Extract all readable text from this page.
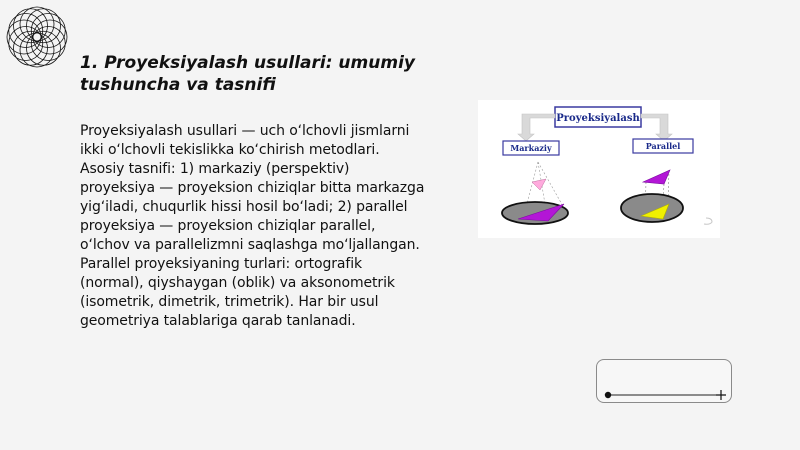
1. Proyeksiyalash usullari: umumiy tushuncha va tasnifi

Proyeksiyalash usullari — uch o‘lchovli jismlarni ikki o‘lchovli tekislikka ko‘chirish metodlari. Asosiy tasnifi: 1) markaziy (perspektiv) proyeksiya — proyeksion chiziqlar bitta markazga yig‘iladi, chuqurlik hissi hosil bo‘ladi; 2) parallel proyeksiya — proyeksion chiziqlar parallel, o‘lchov va parallelizmni saqlashga mo‘ljallangan. Parallel proyeksiyaning turlari: ortografik (normal), qiyshaygan (oblik) va aksonometrik (isometrik, dimetrik, trimetrik). Har bir usul geometriya talablariga qarab tanlanadi.

Proyeksiyalash
Markaziy	Parallel
